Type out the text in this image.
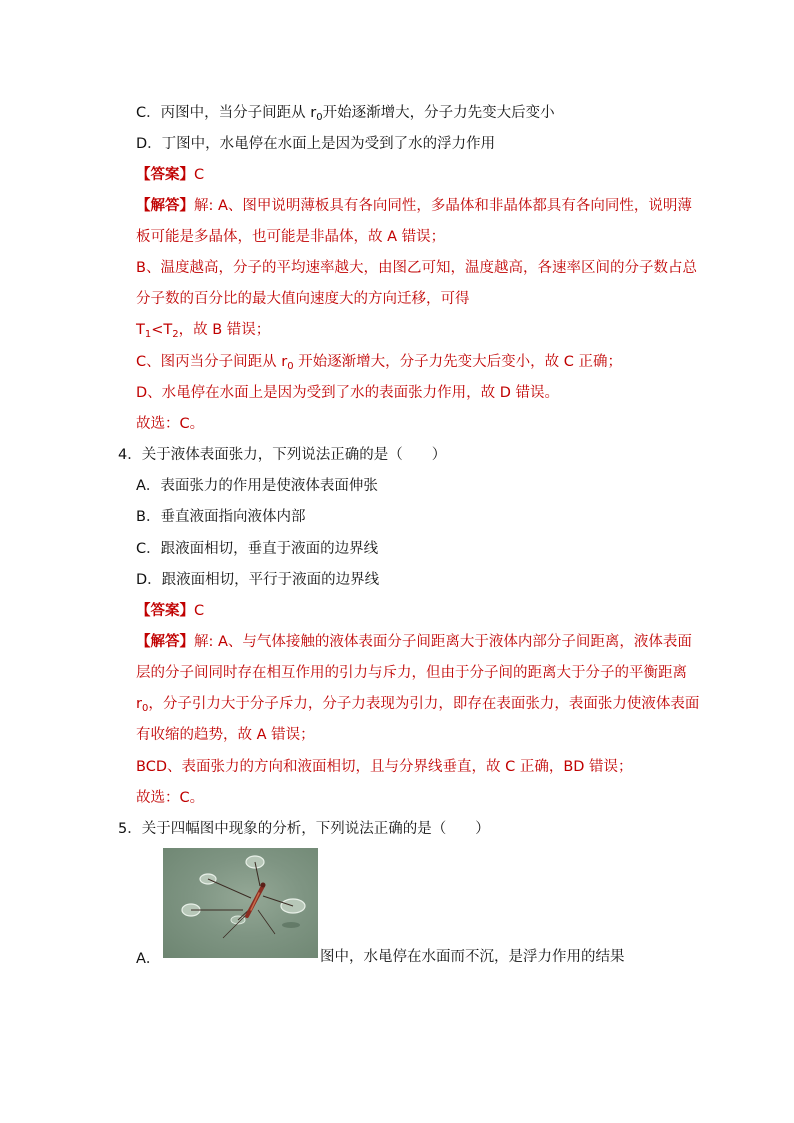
C．丙图中，当分子间距从 $r_0$开始逐渐增大，分子力先变大后变小
D．丁图中，水黾停在水面上是因为受到了水的浮力作用
【答案】C
【解答】解: A、图甲说明薄板具有各向同性，多晶体和非晶体都具有各向同性，说明薄
板可能是多晶体，也可能是非晶体，故 A 错误；
B、温度越高，分子的平均速率越大，由图乙可知，温度越高，各速率区间的分子数占总
分子数的百分比的最大值向速度大的方向迁移，可得
$T_1<T_2$，故 B 错误；
C、图丙当分子间距从 $r_0$ 开始逐渐增大，分子力先变大后变小，故 C 正确；
D、水黾停在水面上是因为受到了水的表面张力作用，故 D 错误。
故选：C。
4．关于液体表面张力，下列说法正确的是（　　）
A．表面张力的作用是使液体表面伸张
B．垂直液面指向液体内部
C．跟液面相切，垂直于液面的边界线
D．跟液面相切，平行于液面的边界线
【答案】C
【解答】解: A、与气体接触的液体表面分子间距离大于液体内部分子间距离，液体表面
层的分子间同时存在相互作用的引力与斥力，但由于分子间的距离大于分子的平衡距离
$r_0$，分子引力大于分子斥力，分子力表现为引力，即存在表面张力，表面张力使液体表面
有收缩的趋势，故 A 错误；
BCD、表面张力的方向和液面相切，且与分界线垂直，故 C 正确，BD 错误；
故选：C。
5．关于四幅图中现象的分析，下列说法正确的是（　　）
A．	图中，水黾停在水面而不沉，是浮力作用的结果
